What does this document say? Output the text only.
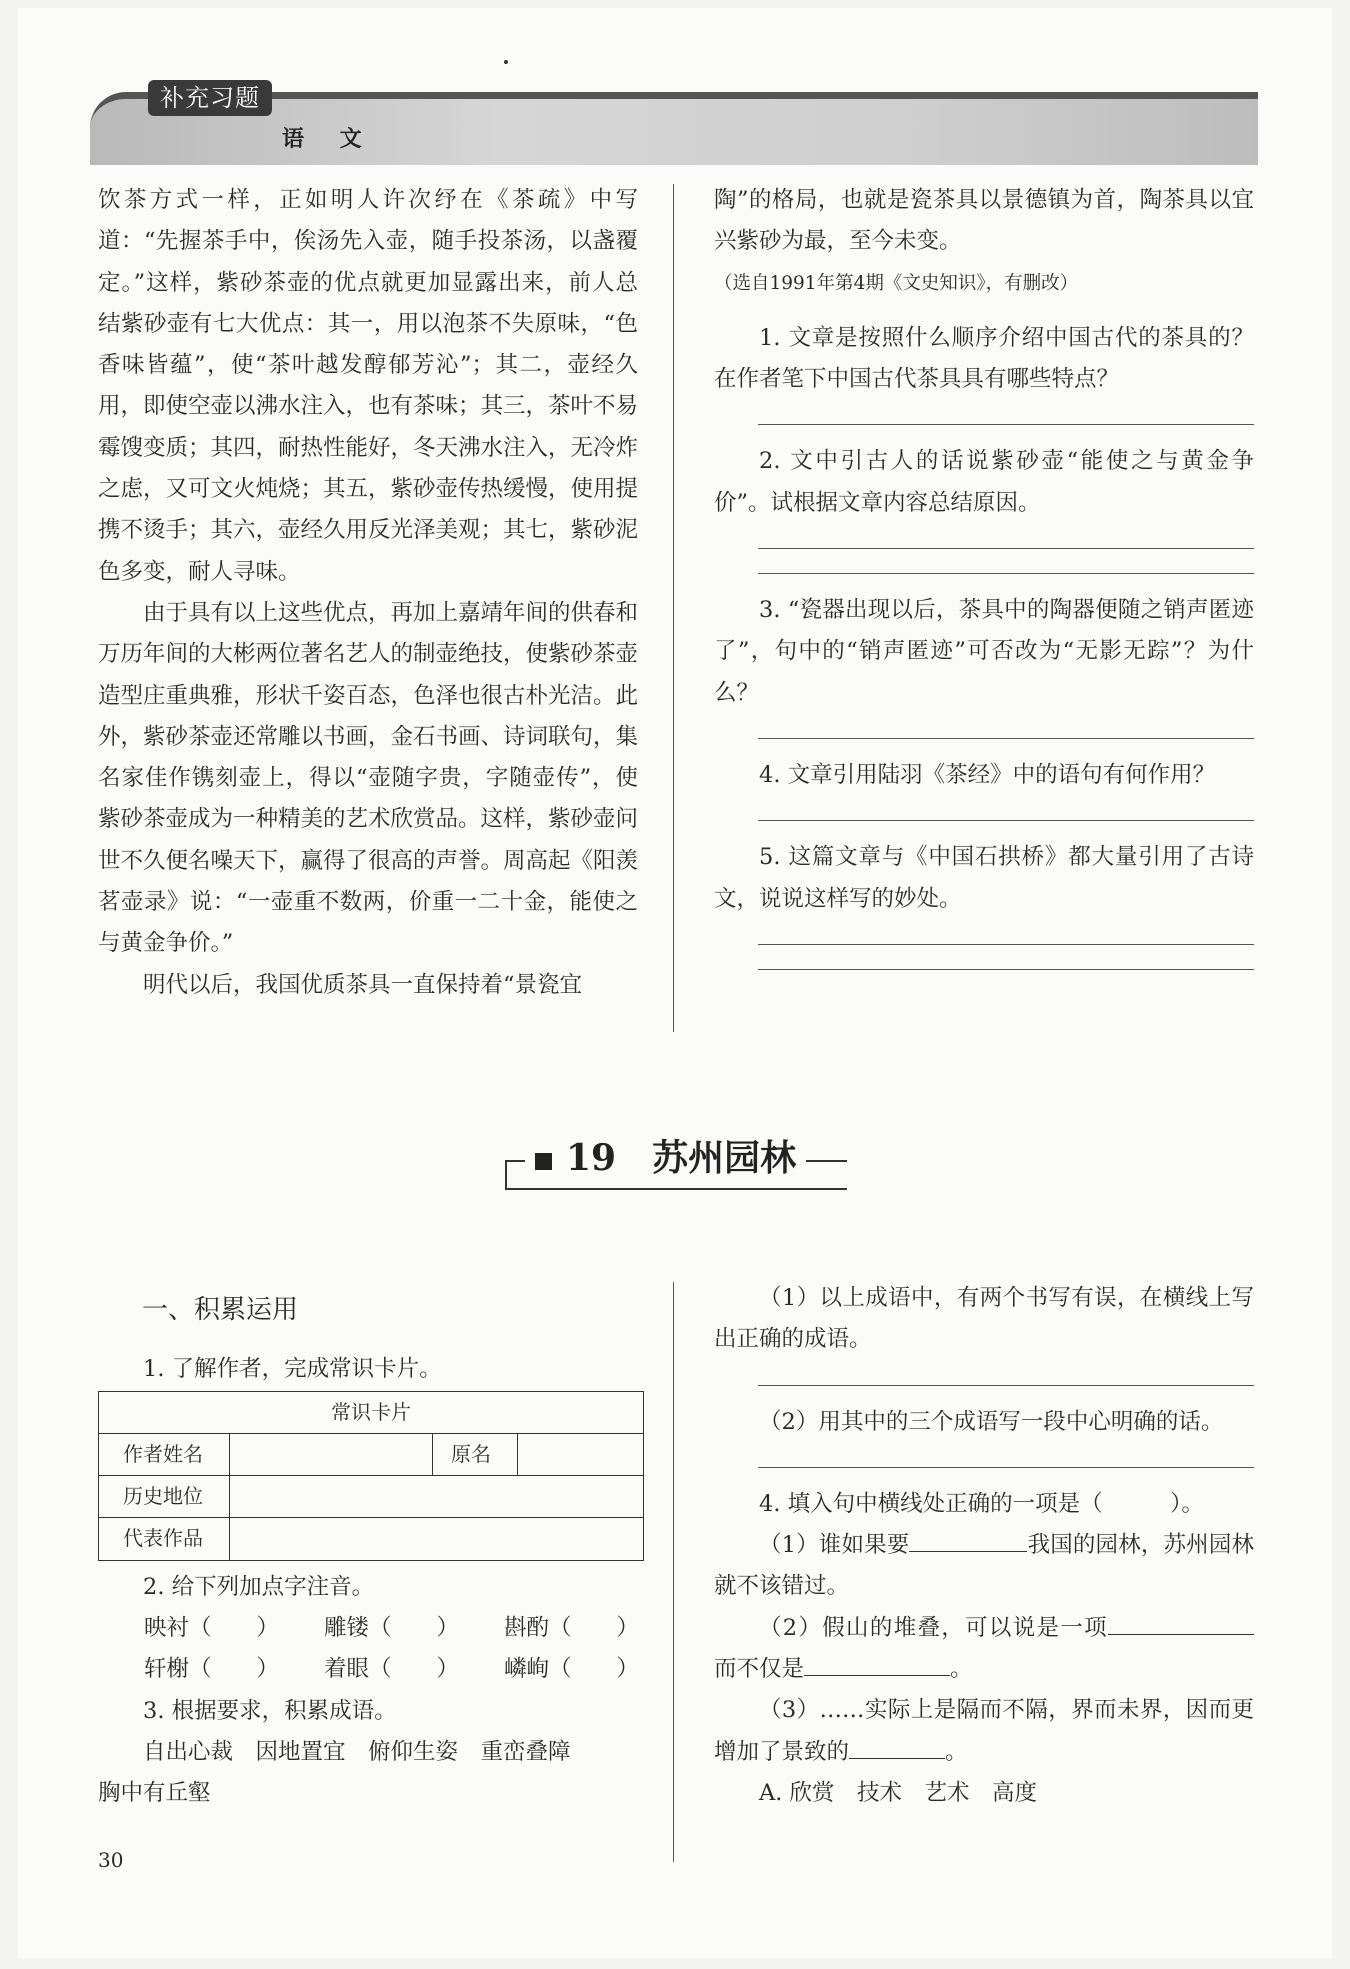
补充习题
语 文

饮茶方式一样，正如明人许次纾在《茶疏》中写道：“先握茶手中，俟汤先入壶，随手投茶汤，以盏覆定。”这样，紫砂茶壶的优点就更加显露出来，前人总结紫砂壶有七大优点：其一，用以泡茶不失原味，“色香味皆蕴”，使“茶叶越发醇郁芳沁”；其二，壶经久用，即使空壶以沸水注入，也有茶味；其三，茶叶不易霉馊变质；其四，耐热性能好，冬天沸水注入，无冷炸之虑，又可文火炖烧；其五，紫砂壶传热缓慢，使用提携不烫手；其六，壶经久用反光泽美观；其七，紫砂泥色多变，耐人寻味。

由于具有以上这些优点，再加上嘉靖年间的供春和万历年间的大彬两位著名艺人的制壶绝技，使紫砂茶壶造型庄重典雅，形状千姿百态，色泽也很古朴光洁。此外，紫砂茶壶还常雕以书画，金石书画、诗词联句，集名家佳作镌刻壶上，得以“壶随字贵，字随壶传”，使紫砂茶壶成为一种精美的艺术欣赏品。这样，紫砂壶问世不久便名噪天下，赢得了很高的声誉。周高起《阳羡茗壶录》说：“一壶重不数两，价重一二十金，能使之与黄金争价。”

明代以后，我国优质茶具一直保持着“景瓷宜

陶”的格局，也就是瓷茶具以景德镇为首，陶茶具以宜兴紫砂为最，至今未变。

（选自1991年第4期《文史知识》，有删改）

1. 文章是按照什么顺序介绍中国古代的茶具的？在作者笔下中国古代茶具具有哪些特点？

2. 文中引古人的话说紫砂壶“能使之与黄金争价”。试根据文章内容总结原因。

3. “瓷器出现以后，茶具中的陶器便随之销声匿迹了”，句中的“销声匿迹”可否改为“无影无踪”？为什么？

4. 文章引用陆羽《茶经》中的语句有何作用？

5. 这篇文章与《中国石拱桥》都大量引用了古诗文，说说这样写的妙处。

19 苏州园林

一、积累运用

1. 了解作者，完成常识卡片。

常识卡片			
作者姓名		原名	
历史地位			
代表作品			

2. 给下列加点字注音。

映衬（　　） 雕镂（　　） 斟酌（　　）
轩榭（　　） 着眼（　　） 嶙峋（　　）

3. 根据要求，积累成语。

自出心裁　因地置宜　俯仰生姿　重峦叠障

胸中有丘壑

（1）以上成语中，有两个书写有误，在横线上写出正确的成语。

（2）用其中的三个成语写一段中心明确的话。

4. 填入句中横线处正确的一项是（　　　）。

（1）谁如果要	我国的园林，苏州园林就不该错过。

（2）假山的堆叠，可以说是一项而不仅是	。

（3）……实际上是隔而不隔，界而未界，因而更增加了景致的	。

A. 欣赏　技术　艺术　高度

30
